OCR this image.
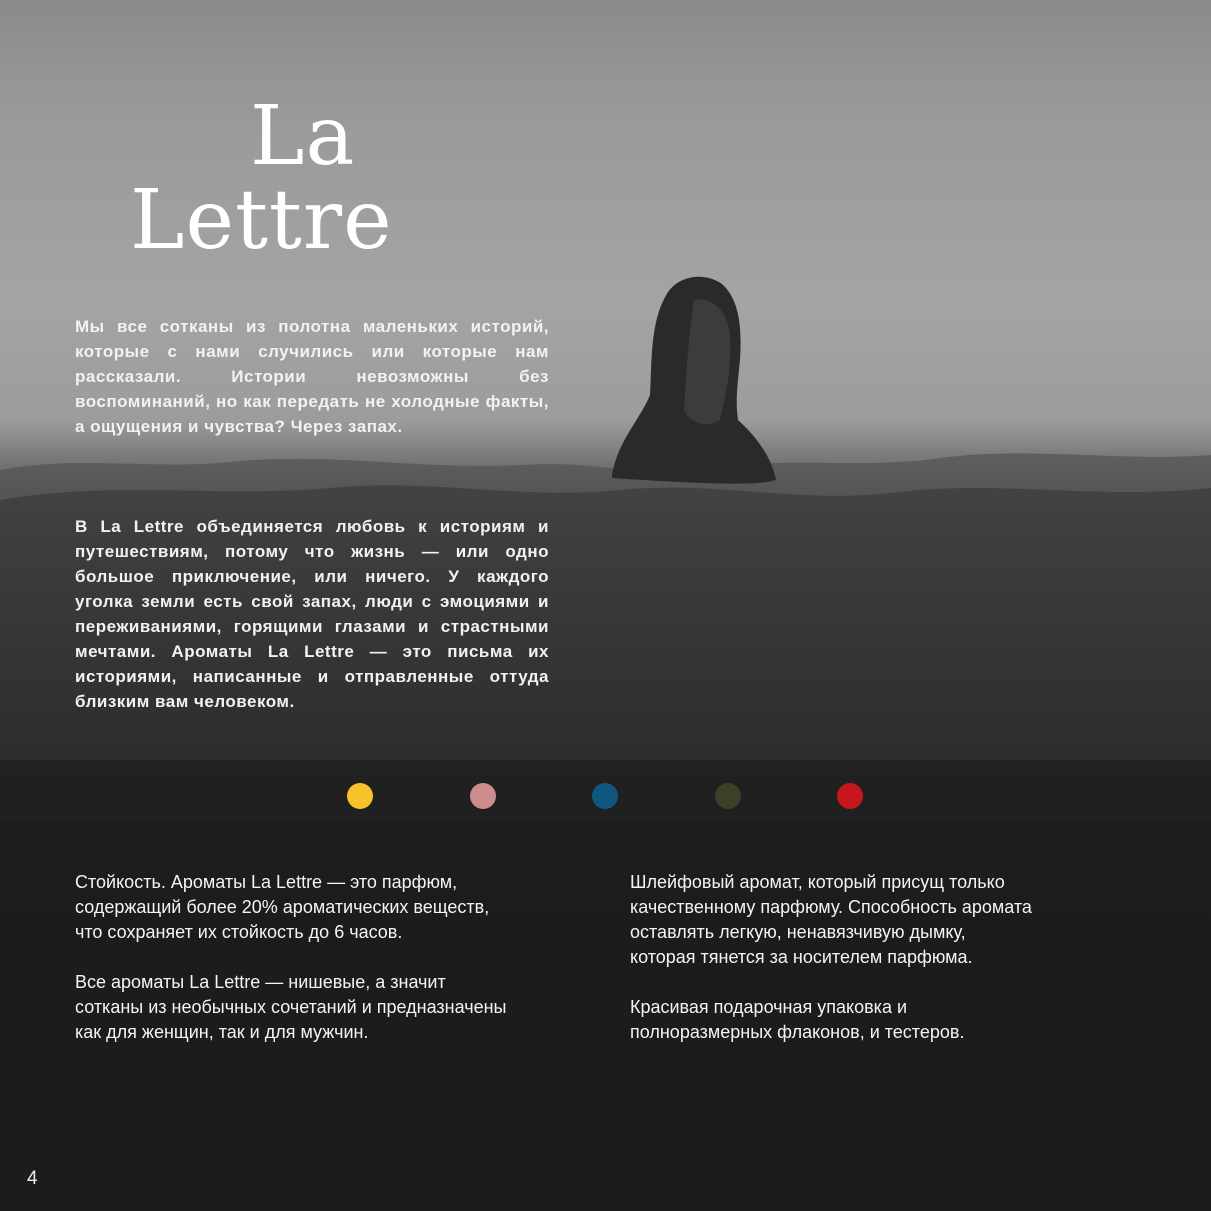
La
Lettre
Мы все сотканы из полотна маленьких историй, которые с нами случились или которые нам рассказали. Истории невозможны без воспоминаний, но как передать не холодные факты, а ощущения и чувства? Через запах.
В La Lettre объединяется любовь к историям и путешествиям, потому что жизнь — или одно большое приключение, или ничего. У каждого уголка земли есть свой запах, люди с эмоциями и переживаниями, горящими глазами и страстными мечтами. Ароматы La Lettre — это письма их историями, написанные и отправленные оттуда близким вам человеком.
Стойкость. Ароматы La Lettre — это парфюм,
содержащий более 20% ароматических веществ,
что сохраняет их стойкость до 6 часов.
Все ароматы La Lettre — нишевые, а значит
сотканы из необычных сочетаний и предназначены
как для женщин, так и для мужчин.
Шлейфовый аромат, который присущ только
качественному парфюму. Способность аромата
оставлять легкую, ненавязчивую дымку,
которая тянется за носителем парфюма.
Красивая подарочная упаковка и
полноразмерных флаконов, и тестеров.
4
